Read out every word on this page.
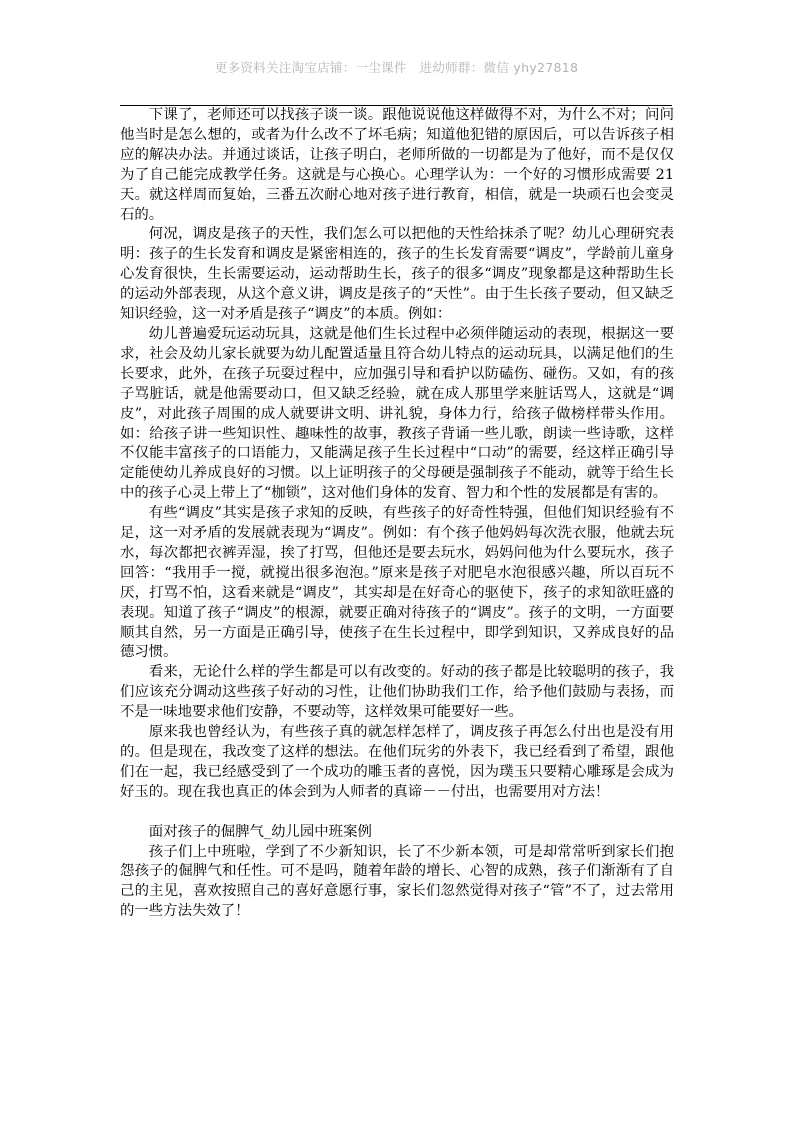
更多资料关注淘宝店铺：一尘课件　进幼师群：微信 yhy27818

下课了，老师还可以找孩子谈一谈。跟他说说他这样做得不对，为什么不对；问问他当时是怎么想的，或者为什么改不了坏毛病；知道他犯错的原因后，可以告诉孩子相应的解决办法。并通过谈话，让孩子明白，老师所做的一切都是为了他好，而不是仅仅为了自己能完成教学任务。这就是与心换心。心理学认为：一个好的习惯形成需要 21 天。就这样周而复始，三番五次耐心地对孩子进行教育，相信，就是一块顽石也会变灵石的。

何况，调皮是孩子的天性，我们怎么可以把他的天性给抹杀了呢？幼儿心理研究表明：孩子的生长发育和调皮是紧密相连的，孩子的生长发育需要“调皮”，学龄前儿童身心发育很快，生长需要运动，运动帮助生长，孩子的很多“调皮”现象都是这种帮助生长的运动外部表现，从这个意义讲，调皮是孩子的“天性”。由于生长孩子要动，但又缺乏知识经验，这一对矛盾是孩子“调皮”的本质。例如：

幼儿普遍爱玩运动玩具，这就是他们生长过程中必须伴随运动的表现，根据这一要求，社会及幼儿家长就要为幼儿配置适量且符合幼儿特点的运动玩具，以满足他们的生长要求，此外，在孩子玩耍过程中，应加强引导和看护以防磕伤、碰伤。又如，有的孩子骂脏话，就是他需要动口，但又缺乏经验，就在成人那里学来脏话骂人，这就是“调皮”，对此孩子周围的成人就要讲文明、讲礼貌，身体力行，给孩子做榜样带头作用。如：给孩子讲一些知识性、趣味性的故事，教孩子背诵一些儿歌，朗读一些诗歌，这样不仅能丰富孩子的口语能力，又能满足孩子生长过程中“口动”的需要，经这样正确引导定能使幼儿养成良好的习惯。以上证明孩子的父母硬是强制孩子不能动，就等于给生长中的孩子心灵上带上了“枷锁”，这对他们身体的发育、智力和个性的发展都是有害的。

有些“调皮”其实是孩子求知的反映，有些孩子的好奇性特强，但他们知识经验有不足，这一对矛盾的发展就表现为“调皮”。例如：有个孩子他妈妈每次洗衣服，他就去玩水，每次都把衣裤弄湿，挨了打骂，但他还是要去玩水，妈妈问他为什么要玩水，孩子回答：“我用手一搅，就搅出很多泡泡。”原来是孩子对肥皂水泡很感兴趣，所以百玩不厌，打骂不怕，这看来就是“调皮”，其实却是在好奇心的驱使下，孩子的求知欲旺盛的表现。知道了孩子“调皮”的根源，就要正确对待孩子的“调皮”。孩子的文明，一方面要顺其自然，另一方面是正确引导，使孩子在生长过程中，即学到知识，又养成良好的品德习惯。

看来，无论什么样的学生都是可以有改变的。好动的孩子都是比较聪明的孩子，我们应该充分调动这些孩子好动的习性，让他们协助我们工作，给予他们鼓励与表扬，而不是一味地要求他们安静，不要动等，这样效果可能要好一些。

原来我也曾经认为，有些孩子真的就怎样怎样了，调皮孩子再怎么付出也是没有用的。但是现在，我改变了这样的想法。在他们玩劣的外表下，我已经看到了希望，跟他们在一起，我已经感受到了一个成功的雕玉者的喜悦，因为璞玉只要精心雕琢是会成为好玉的。现在我也真正的体会到为人师者的真谛－－付出，也需要用对方法！

面对孩子的倔脾气_幼儿园中班案例

孩子们上中班啦，学到了不少新知识，长了不少新本领，可是却常常听到家长们抱怨孩子的倔脾气和任性。可不是吗，随着年龄的增长、心智的成熟，孩子们渐渐有了自己的主见，喜欢按照自己的喜好意愿行事，家长们忽然觉得对孩子“管”不了，过去常用的一些方法失效了！
